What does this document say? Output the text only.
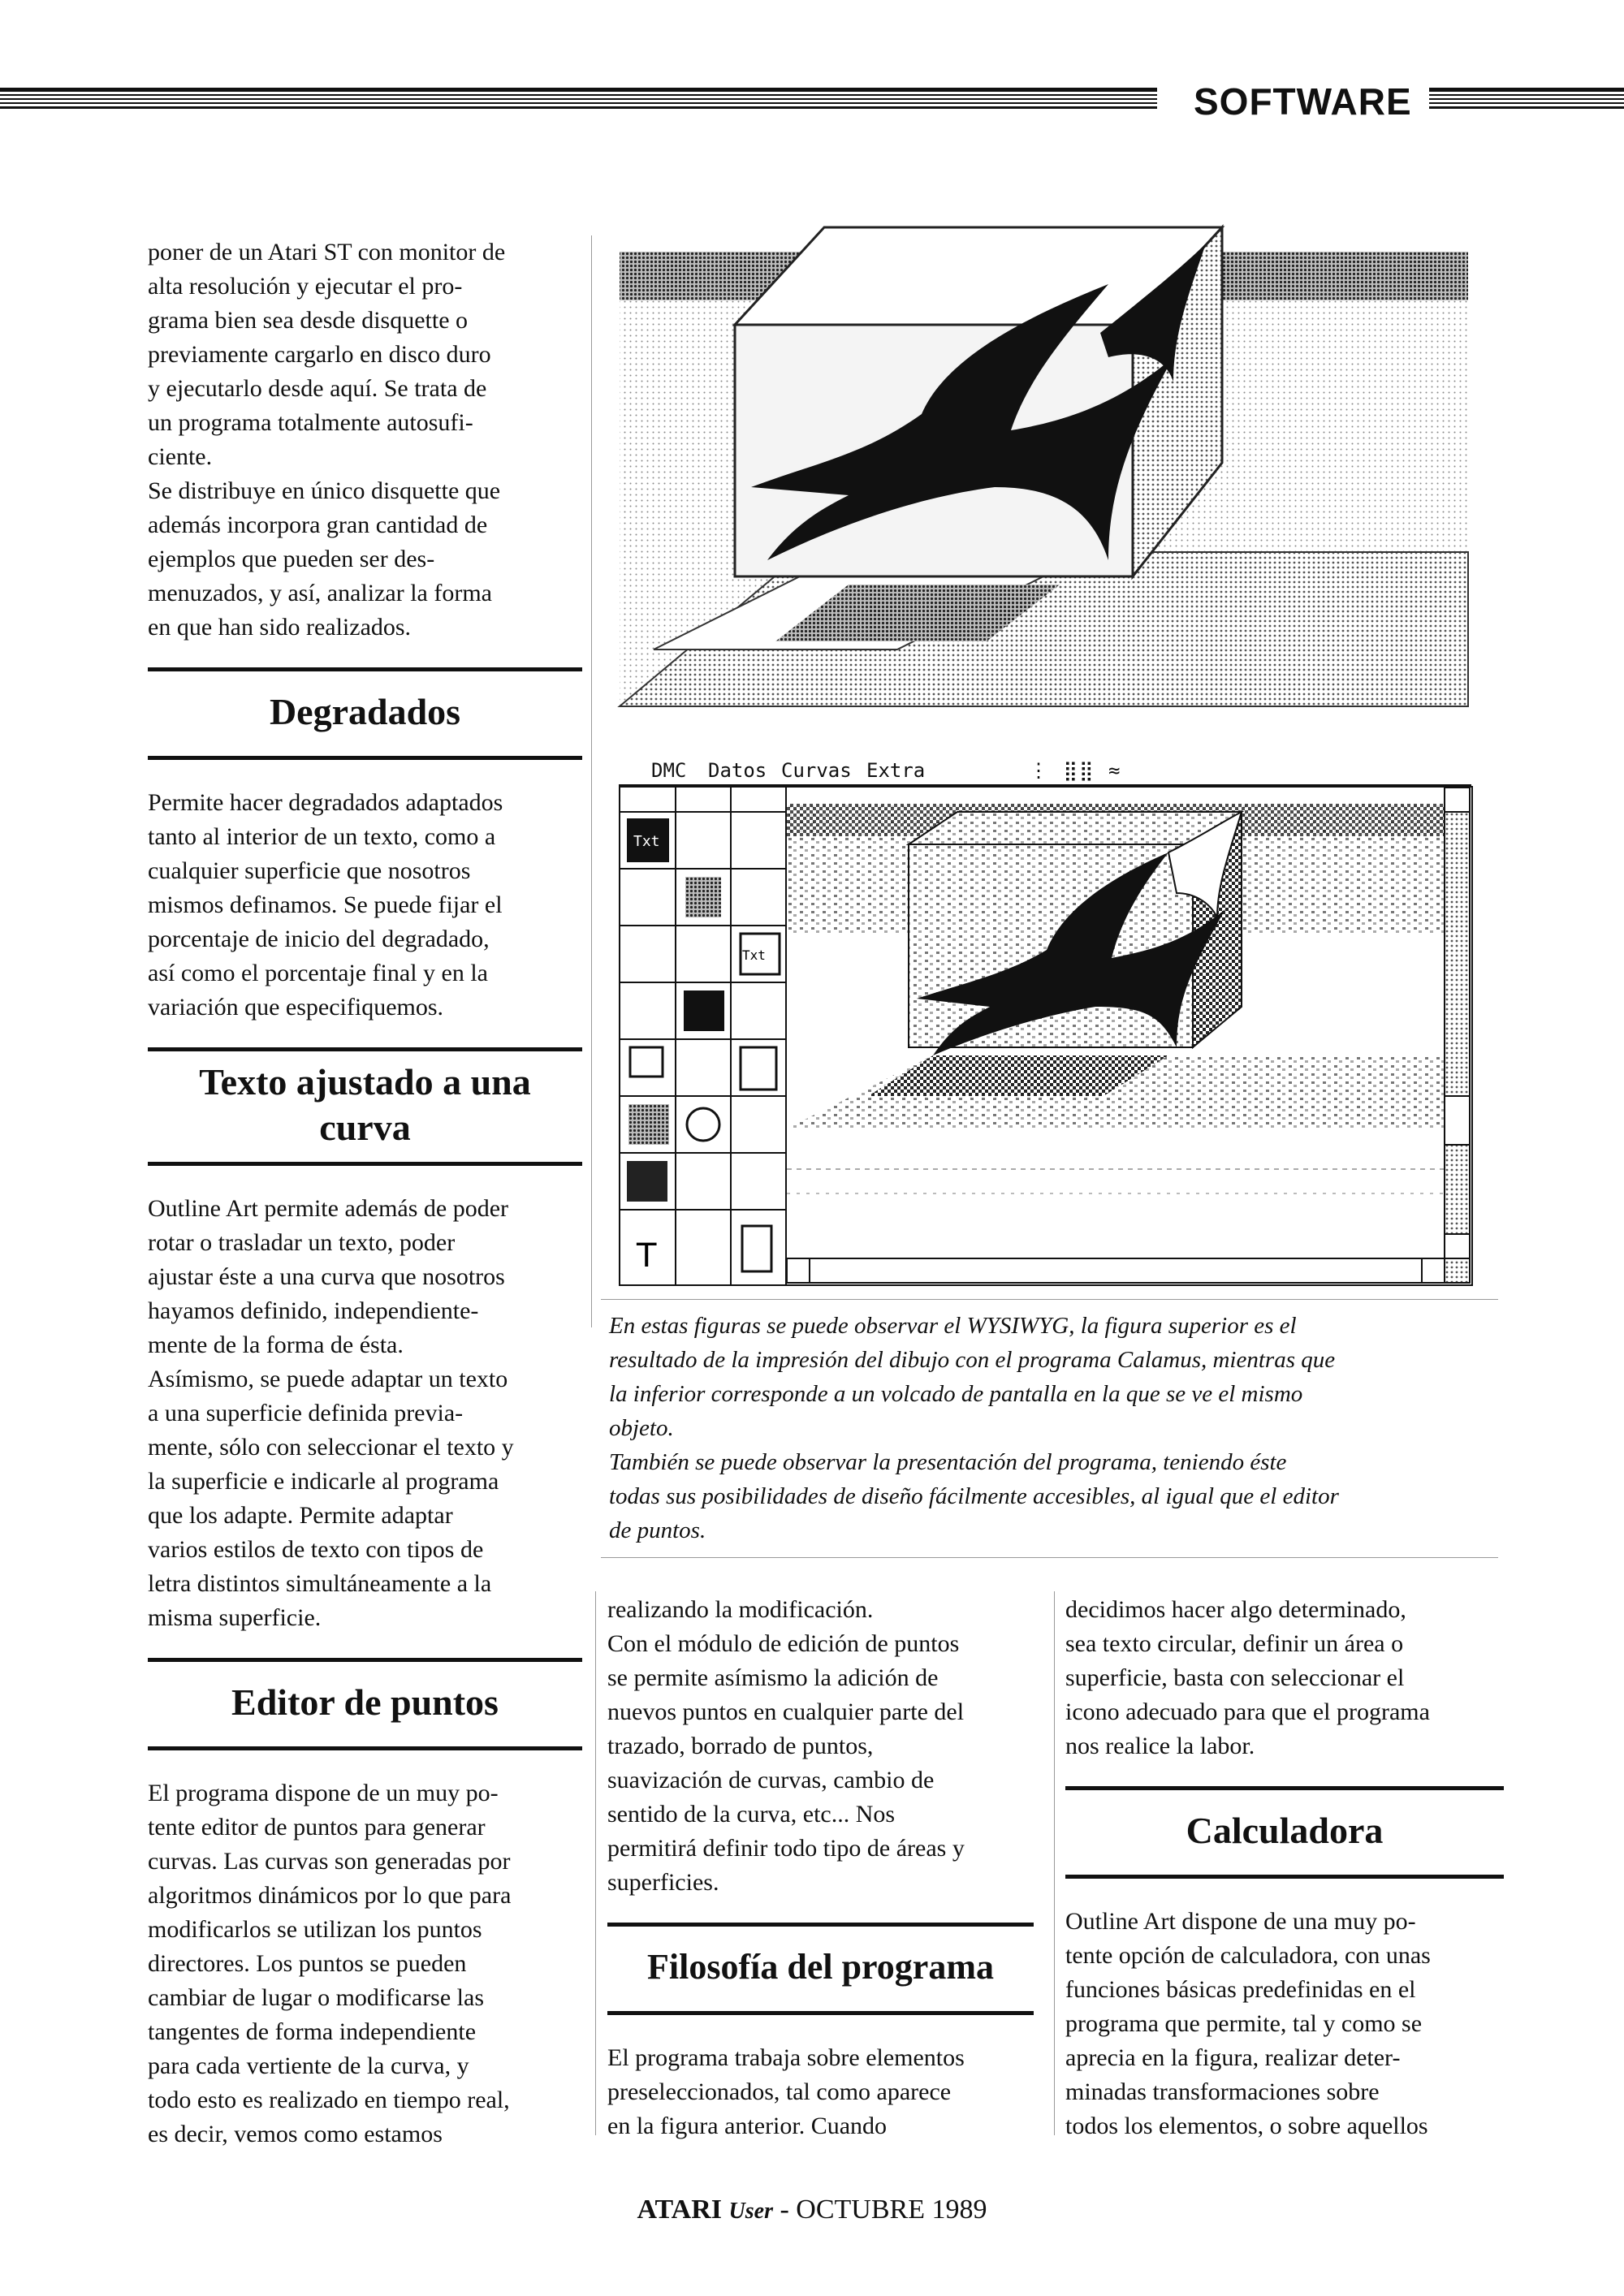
SOFTWARE

poner de un Atari ST con monitor de
alta resolución y ejecutar el pro-
grama bien sea desde disquette o
previamente cargarlo en disco duro
y ejecutarlo desde aquí. Se trata de
un programa totalmente autosufi-
ciente.
Se distribuye en único disquette que
además incorpora gran cantidad de
ejemplos que pueden ser des-
menuzados, y así, analizar la forma
en que han sido realizados.

Degradados

Permite hacer degradados adaptados
tanto al interior de un texto, como a
cualquier superficie que nosotros
mismos definamos. Se puede fijar el
porcentaje de inicio del degradado,
así como el porcentaje final y en la
variación que especifiquemos.

Texto ajustado a una curva

Outline Art permite además de poder
rotar o trasladar un texto, poder
ajustar éste a una curva que nosotros
hayamos definido, independiente-
mente de la forma de ésta.
Asímismo, se puede adaptar un texto
a una superficie definida previa-
mente, sólo con seleccionar el texto y
la superficie e indicarle al programa
que los adapte. Permite adaptar
varios estilos de texto con tipos de
letra distintos simultáneamente a la
misma superficie.

Editor de puntos

El programa dispone de un muy po-
tente editor de puntos para generar
curvas. Las curvas son generadas por
algoritmos dinámicos por lo que para
modificarlos se utilizan los puntos
directores. Los puntos se pueden
cambiar de lugar o modificarse las
tangentes de forma independiente
para cada vertiente de la curva, y
todo esto es realizado en tiempo real,
es decir, vemos como estamos

DMC Datos Curvas Extra	⋮ ⣿⣿ ≈
Txt
Txt
T
En estas figuras se puede observar el WYSIWYG, la figura superior es el
resultado de la impresión del dibujo con el programa Calamus, mientras que
la inferior corresponde a un volcado de pantalla en la que se ve el mismo
objeto.
También se puede observar la presentación del programa, teniendo éste
todas sus posibilidades de diseño fácilmente accesibles, al igual que el editor
de puntos.

realizando la modificación.
Con el módulo de edición de puntos
se permite asímismo la adición de
nuevos puntos en cualquier parte del
trazado, borrado de puntos,
suavización de curvas, cambio de
sentido de la curva, etc... Nos
permitirá definir todo tipo de áreas y
superficies.

Filosofía del programa

El programa trabaja sobre elementos
preseleccionados, tal como aparece
en la figura anterior. Cuando

decidimos hacer algo determinado,
sea texto circular, definir un área o
superficie, basta con seleccionar el
icono adecuado para que el programa
nos realice la labor.

Calculadora

Outline Art dispone de una muy po-
tente opción de calculadora, con unas
funciones básicas predefinidas en el
programa que permite, tal y como se
aprecia en la figura, realizar deter-
minadas transformaciones sobre
todos los elementos, o sobre aquellos

ATARI User - OCTUBRE 1989
